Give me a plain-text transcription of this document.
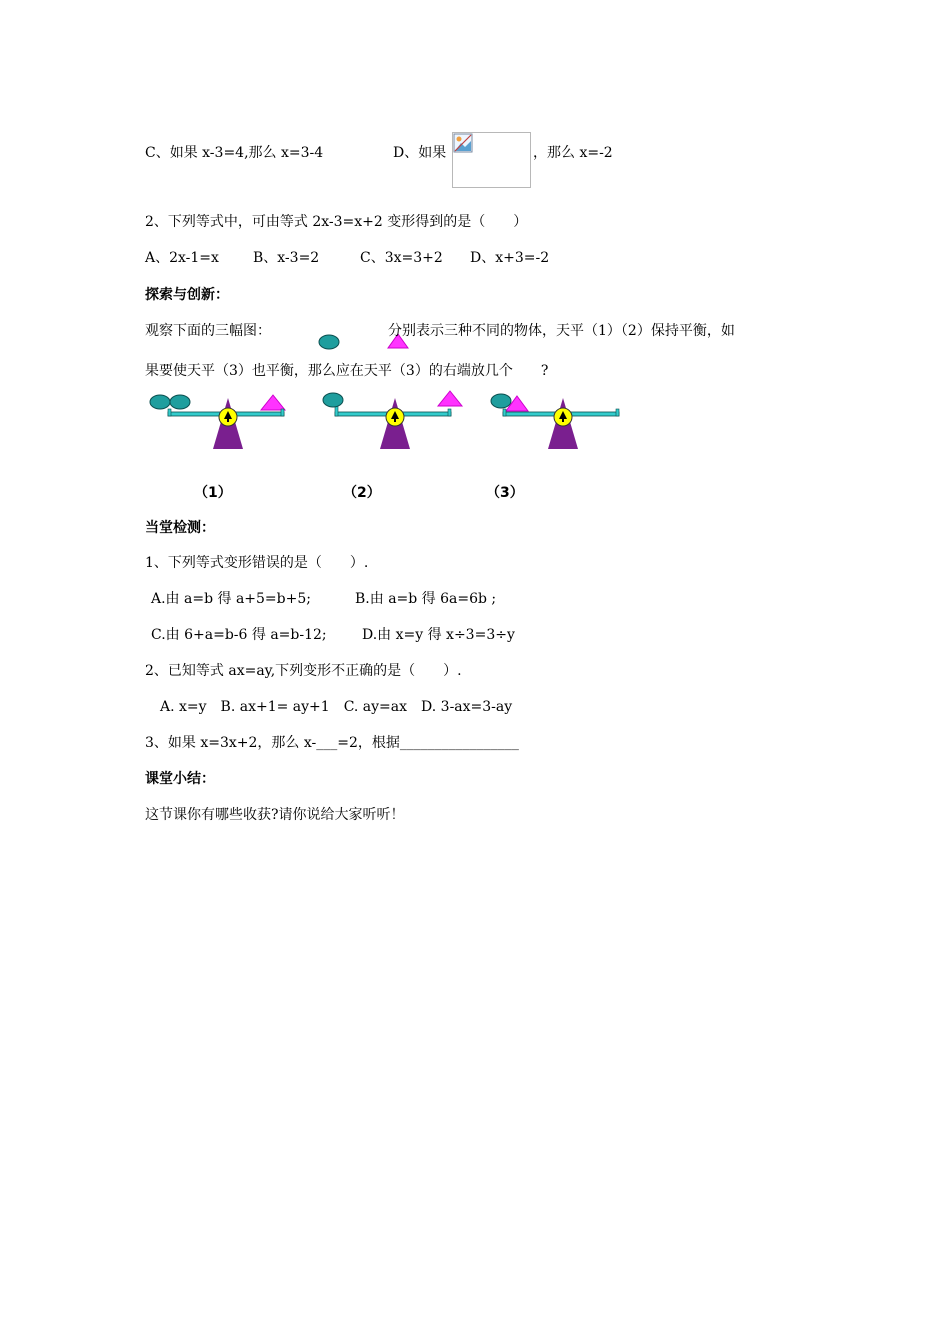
C、如果 x-3=4,那么 x=3-4	D、如果	，那么 x=-2
2、下列等式中，可由等式 2x-3=x+2 变形得到的是（　　）
A、2x-1=x B、x-3=2	C、3x=3+2 D、x+3=-2
探索与创新：
观察下面的三幅图：	分别表示三种不同的物体，天平（1）（2）保持平衡，如
果要使天平（3）也平衡，那么应在天平（3）的右端放几个　　?
（1）	（2）	（3）
当堂检测：
1、下列等式变形错误的是（　　）.
A.由 a=b 得 a+5=b+5;	B.由 a=b 得 6a=6b ;
C.由 6+a=b-6 得 a=b-12;	D.由 x=y 得 x÷3=3÷y
2、已知等式 ax=ay,下列变形不正确的是（　　）.
A. x=y　B. ax+1= ay+1　C. ay=ax　D. 3-ax=3-ay
3、如果 x=3x+2，那么 x-___=2，根据_________________
课堂小结：
这节课你有哪些收获?请你说给大家听听！
